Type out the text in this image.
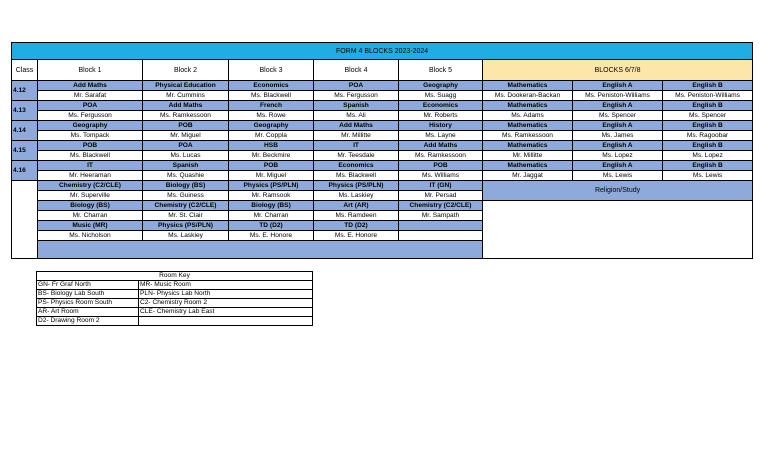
FORM 4 BLOCKS 2023-2024								
Class	Block 1	Block 2	Block 3	Block 4	Block 5	BLOCKS 6/7/8		
4.12	Add Maths	Physical Education	Economics	POA	Geography	Mathematics	English A	English B
	Mr. Sarafat	Mr. Cummins	Ms. Blackwell	Ms. Fergusson	Ms. Suagg	Ms. Dookeran-Backan	Ms. Peniston-Williams	Ms. Peniston-Williams
4.13	POA	Add Maths	French	Spanish	Economics	Mathematics	English A	English B
	Ms. Fergusson	Ms. Ramkessoon	Ms. Rowe	Ms. Ali	Mr. Roberts	Ms. Adams	Ms. Spencer	Ms. Spencer
4.14	Geography	POB	Geography	Add Maths	History	Mathematics	English A	English B
	Ms. Tompack	Mr. Miguel	Mr. Coppla	Mr. Millitte	Ms. Layne	Ms. Ramkessoon	Ms. James	Ms. Ragoobar
4.15	POB	POA	HSB	IT	Add Maths	Mathematics	English A	English B
	Ms. Blackwell	Ms. Lucas	Mr. Beckmire	Mr. Teesdale	Ms. Ramkessoon	Mr. Millitte	Ms. Lopez	Ms. Lopez
4.16	IT	Spanish	POB	Economics	POB	Mathematics	English A	English B
	Mr. Heeraman	Ms. Quashie	Mr. Miguel	Ms. Blackwell	Ms. Williams	Mr. Jaggat	Ms. Lewis	Ms. Lewis
	Chemistry (C2/CLE)	Biology (BS)	Physics (PS/PLN)	Physics (PS/PLN)	IT (GN)	Religion/Study		
	Mr. Superville	Ms. Guiness	Mr. Ramsook	Ms. Laskiey	Mr. Persad			
	Biology (BS)	Chemistry (C2/CLE)	Biology (BS)	Art (AR)	Chemistry (C2/CLE)			
	Mr. Charran	Mr. St. Clair	Mr. Charran	Ms. Ramdeen	Mr. Sampath			
	Music (MR)	Physics (PS/PLN)	TD (D2)	TD (D2)				
	Ms. Nicholson	Ms. Laskiey	Ms. E. Honore	Ms. E. Honore				

Room Key	
GN- Fr Graf North	MR- Music Room
BS- Biology Lab South	PLN- Physics Lab North
PS- Physics Room South	C2- Chemistry Room 2
AR- Art Room	CLE- Chemistry Lab East
D2- Drawing Room 2	
